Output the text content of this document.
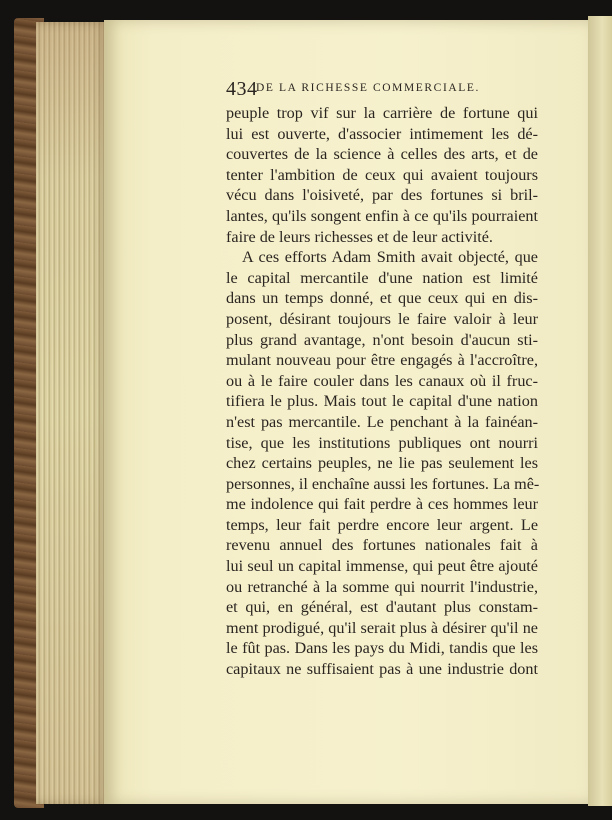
434
DE LA RICHESSE COMMERCIALE.
peuple trop vif sur la carrière de fortune qui
lui est ouverte, d'associer intimement les dé-
couvertes de la science à celles des arts, et de
tenter l'ambition de ceux qui avaient toujours
vécu dans l'oisiveté, par des fortunes si bril-
lantes, qu'ils songent enfin à ce qu'ils pourraient
faire de leurs richesses et de leur activité.
A ces efforts Adam Smith avait objecté, que
le capital mercantile d'une nation est limité
dans un temps donné, et que ceux qui en dis-
posent, désirant toujours le faire valoir à leur
plus grand avantage, n'ont besoin d'aucun sti-
mulant nouveau pour être engagés à l'accroître,
ou à le faire couler dans les canaux où il fruc-
tifiera le plus. Mais tout le capital d'une nation
n'est pas mercantile. Le penchant à la fainéan-
tise, que les institutions publiques ont nourri
chez certains peuples, ne lie pas seulement les
personnes, il enchaîne aussi les fortunes. La mê-
me indolence qui fait perdre à ces hommes leur
temps, leur fait perdre encore leur argent. Le
revenu annuel des fortunes nationales fait à
lui seul un capital immense, qui peut être ajouté
ou retranché à la somme qui nourrit l'industrie,
et qui, en général, est d'autant plus constam-
ment prodigué, qu'il serait plus à désirer qu'il ne
le fût pas. Dans les pays du Midi, tandis que les
capitaux ne suffisaient pas à une industrie dont
